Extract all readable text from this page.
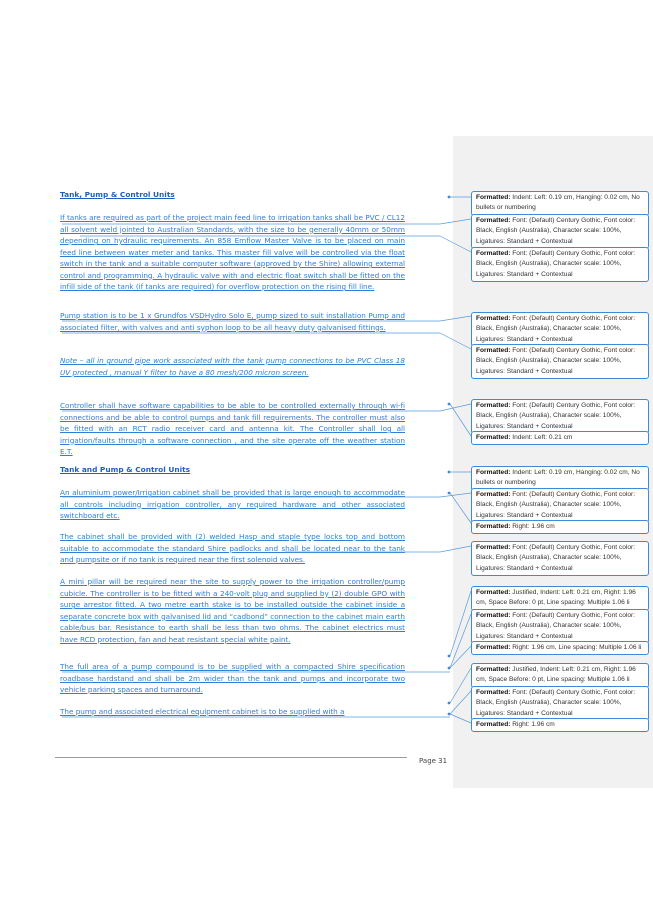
Tank, Pump & Control Units
If tanks are required as part of the project main feed line to irrigation tanks shall be PVC / CL12 all solvent weld jointed to Australian Standards, with the size to be generally 40mm or 50mm depending on hydraulic requirements. An 858 Emflow Master Valve is to be placed on main feed line between water meter and tanks. This master fill valve will be controlled via the float switch in the tank and a suitable computer software (approved by the Shire) allowing external control and programming. A hydraulic valve with and electric float switch shall be fitted on the infill side of the tank (if tanks are required) for overflow protection on the rising fill line.
Pump station is to be 1 x Grundfos VSDHydro Solo E, pump sized to suit installation Pump and associated filter, with valves and anti syphon loop to be all heavy duty galvanised fittings.
Note – all in ground pipe work associated with the tank pump connections to be PVC Class 18 UV protected , manual Y filter to have a 80 mesh/200 micron screen.
Controller shall have software capabilities to be able to be controlled externally through wi-fi connections and be able to control pumps and tank fill requirements. The controller must also be fitted with an RCT radio receiver card and antenna kit. The Controller shall log all irrigation/faults through a software connection , and the site operate off the weather station E.T.
Tank and Pump & Control Units
An aluminium power/Irrigation cabinet shall be provided that is large enough to accommodate all controls including irrigation controller, any required hardware and other associated switchboard etc.
The cabinet shall be provided with (2) welded Hasp and staple type locks top and bottom suitable to accommodate the standard Shire padlocks and shall be located near to the tank and pumpsite or if no tank is required near the first solenoid valves.
A mini pillar will be required near the site to supply power to the irrigation controller/pump cubicle. The controller is to be fitted with a 240-volt plug and supplied by (2) double GPO with surge arrestor fitted. A two metre earth stake is to be installed outside the cabinet inside a separate concrete box with galvanised lid and “cadbond” connection to the cabinet main earth cable/bus bar. Resistance to earth shall be less than two ohms. The cabinet electrics must have RCD protection, fan and heat resistant special white paint.
The full area of a pump compound is to be supplied with a compacted Shire specification roadbase hardstand and shall be 2m wider than the tank and pumps and incorporate two vehicle parking spaces and turnaround.
The pump and associated electrical equipment cabinet is to be supplied with a
Page 31
Formatted: Indent: Left: 0.19 cm, Hanging: 0.02 cm, No bullets or numbering
Formatted: Font: (Default) Century Gothic, Font color: Black, English (Australia), Character scale: 100%, Ligatures: Standard + Contextual
Formatted: Font: (Default) Century Gothic, Font color: Black, English (Australia), Character scale: 100%, Ligatures: Standard + Contextual
Formatted: Font: (Default) Century Gothic, Font color: Black, English (Australia), Character scale: 100%, Ligatures: Standard + Contextual
Formatted: Font: (Default) Century Gothic, Font color: Black, English (Australia), Character scale: 100%, Ligatures: Standard + Contextual
Formatted: Font: (Default) Century Gothic, Font color: Black, English (Australia), Character scale: 100%, Ligatures: Standard + Contextual
Formatted: Indent: Left: 0.21 cm
Formatted: Indent: Left: 0.19 cm, Hanging: 0.02 cm, No bullets or numbering
Formatted: Font: (Default) Century Gothic, Font color: Black, English (Australia), Character scale: 100%, Ligatures: Standard + Contextual
Formatted: Right: 1.96 cm
Formatted: Font: (Default) Century Gothic, Font color: Black, English (Australia), Character scale: 100%, Ligatures: Standard + Contextual
Formatted: Justified, Indent: Left: 0.21 cm, Right: 1.96 cm, Space Before: 0 pt, Line spacing: Multiple 1.06 li
Formatted: Font: (Default) Century Gothic, Font color: Black, English (Australia), Character scale: 100%, Ligatures: Standard + Contextual
Formatted: Right: 1.96 cm, Line spacing: Multiple 1.06 li
Formatted: Justified, Indent: Left: 0.21 cm, Right: 1.96 cm, Space Before: 0 pt, Line spacing: Multiple 1.06 li
Formatted: Font: (Default) Century Gothic, Font color: Black, English (Australia), Character scale: 100%, Ligatures: Standard + Contextual
Formatted: Right: 1.96 cm
